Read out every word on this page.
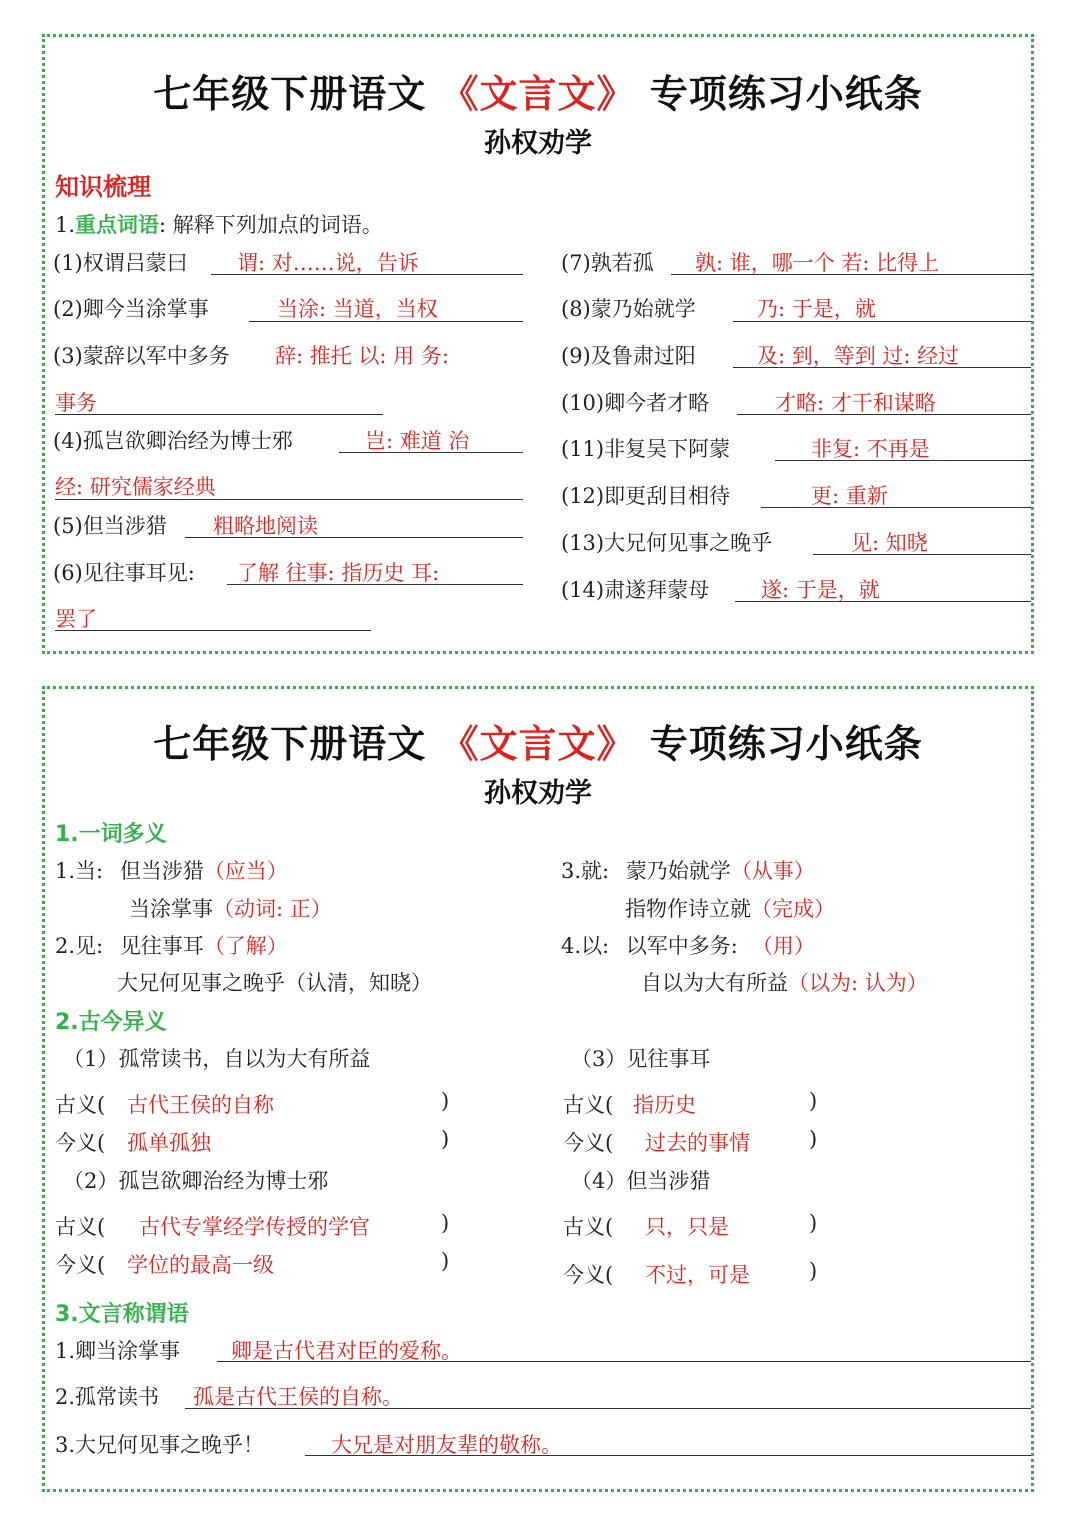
七年级下册语文 《文言文》 专项练习小纸条
孙权劝学
知识梳理
1.重点词语: 解释下列加点的词语。
(1)权谓吕蒙曰 谓: 对……说，告诉
(2)卿今当涂掌事	当涂: 当道，当权
(3)蒙辞以军中多务 辞: 推托 以: 用 务:
事务
(4)孤岂欲卿治经为博士邪	岂: 难道 治
经: 研究儒家经典
(5)但当涉猎 粗略地阅读
(6)见往事耳见: 了解 往事: 指历史 耳:
罢了
(7)孰若孤 孰: 谁，哪一个 若: 比得上
(8)蒙乃始就学	乃: 于是，就
(9)及鲁肃过阳	及: 到，等到 过: 经过
(10)卿今者才略	才略: 才干和谋略
(11)非复吴下阿蒙	非复: 不再是
(12)即更刮目相待	更: 重新
(13)大兄何见事之晚乎	见: 知晓
(14)肃遂拜蒙母 遂: 于是，就
七年级下册语文 《文言文》 专项练习小纸条
孙权劝学
1.一词多义
1.当: 但当涉猎（应当）
当涂掌事（动词: 正）
2.见: 见往事耳（了解）
大兄何见事之晚乎（认清，知晓）
3.就: 蒙乃始就学（从事）
指物作诗立就（完成）
4.以: 以军中多务: （用）
自以为大有所益（以为: 认为）
2.古今异义
（1）孤常读书，自以为大有所益
古义( 古代王侯的自称	)
今义( 孤单孤独	)
（2）孤岂欲卿治经为博士邪
古义( 古代专掌经学传授的学官	)
今义( 学位的最高一级	)
（3）见往事耳
古义( 指历史	)
今义( 过去的事情	)
（4）但当涉猎
古义( 只，只是	)
今义( 不过，可是	)
3.文言称谓语
1.卿当涂掌事 卿是古代君对臣的爱称。
2.孤常读书 孤是古代王侯的自称。
3.大兄何见事之晚乎！	大兄是对朋友辈的敬称。
